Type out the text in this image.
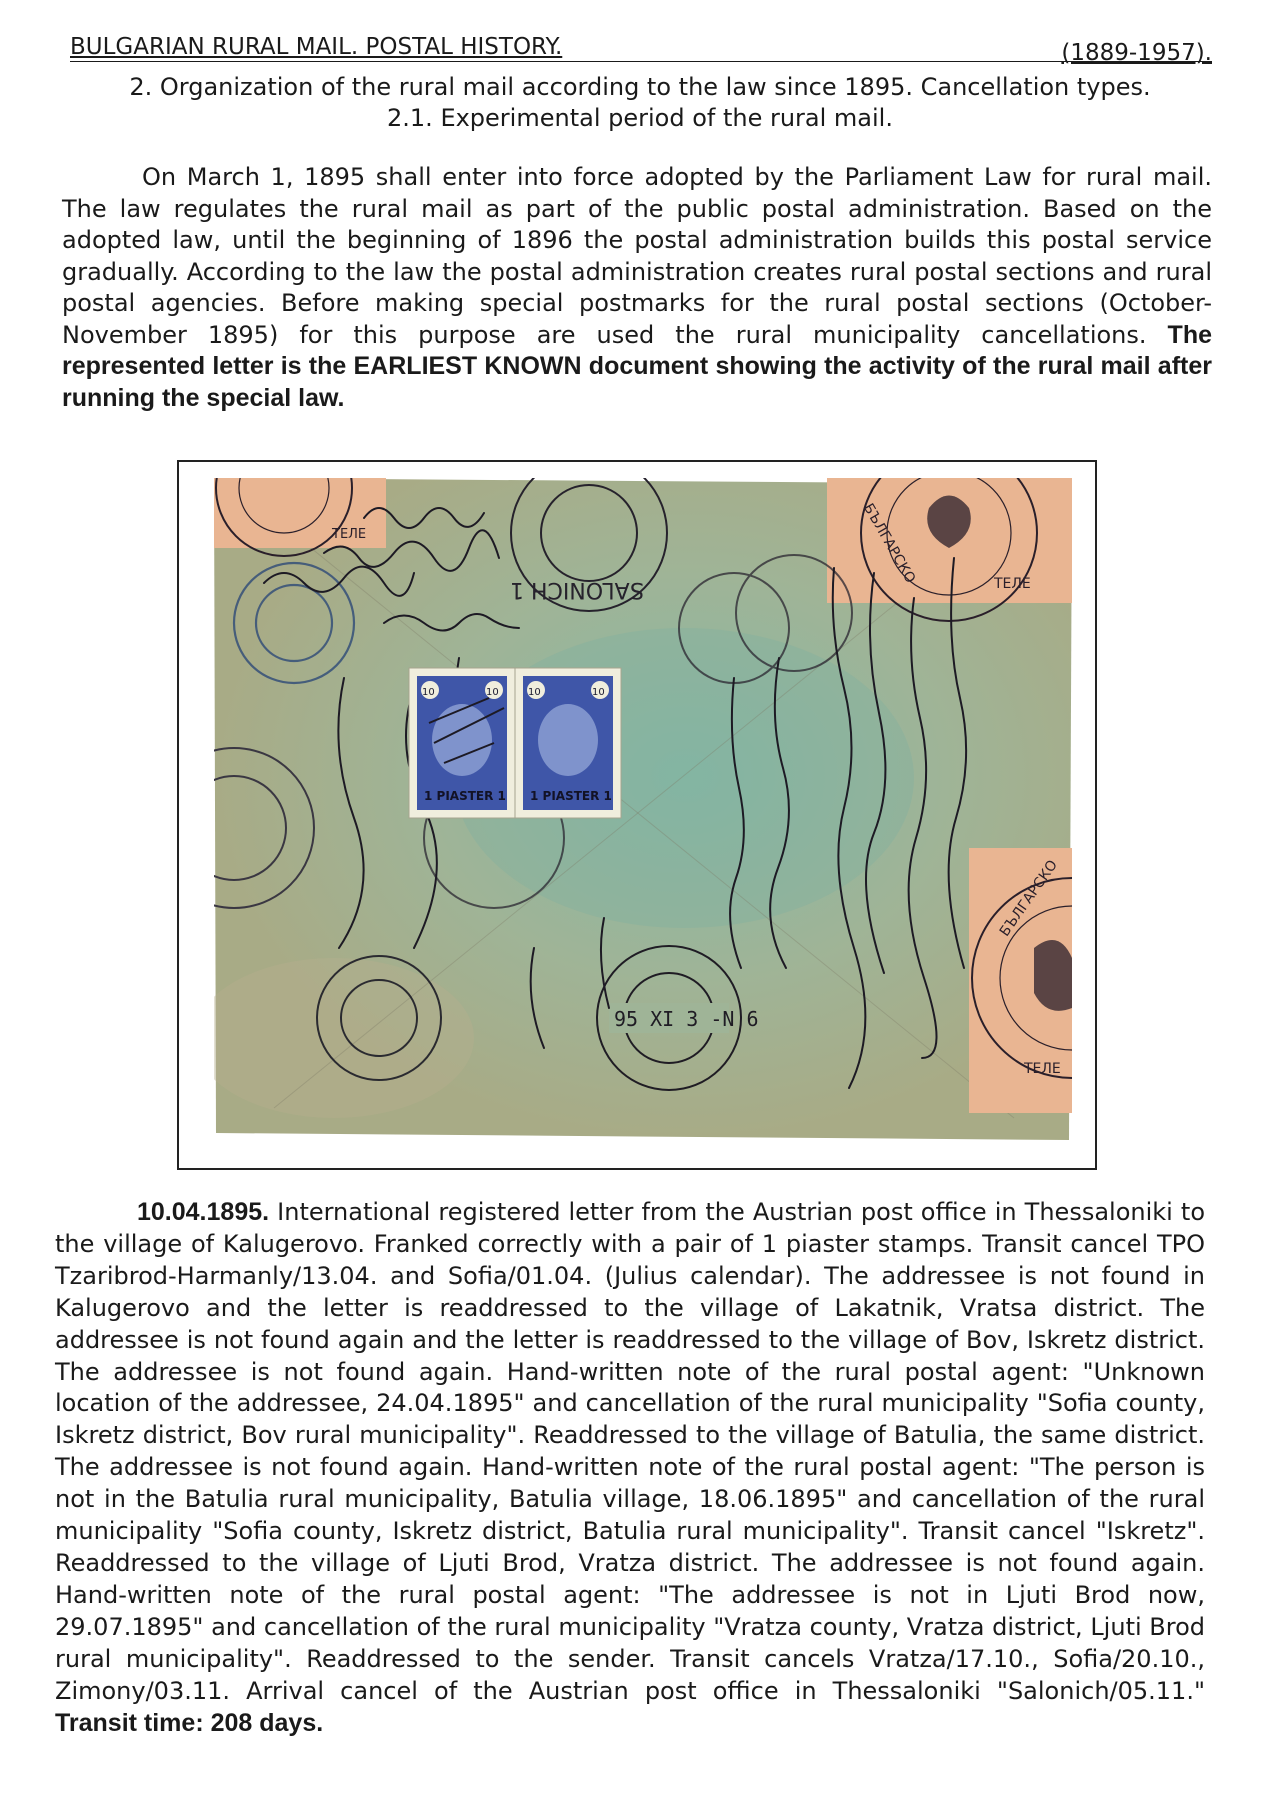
BULGARIAN RURAL MAIL. POSTAL HISTORY.	(1889-1957).
2. Organization of the rural mail according to the law since 1895. Cancellation types.
2.1. Experimental period of the rural mail.

On March 1, 1895 shall enter into force adopted by the Parliament Law for rural mail. The law regulates the rural mail as part of the public postal administration. Based on the adopted law, until the beginning of 1896 the postal administration builds this postal service gradually. According to the law the postal administration creates rural postal sections and rural postal agencies. Before making special postmarks for the rural postal sections (October-November 1895) for this purpose are used the rural municipality cancellations. The represented letter is the EARLIEST KNOWN document showing the activity of the rural mail after running the special law.

ТЕЛЕ	БЪЛГАРСКО	ТЕЛЕ
БЪЛГАРСКО
ТЕЛЕ
SALONICH 1
95 XI 3 -N 6
10	10	10	10
1 PIASTER 1 1 PIASTER 1

10.04.1895. International registered letter from the Austrian post office in Thessaloniki to the village of Kalugerovo. Franked correctly with a pair of 1 piaster stamps. Transit cancel TPO Tzaribrod-Harmanly/13.04. and Sofia/01.04. (Julius calendar). The addressee is not found in Kalugerovo and the letter is readdressed to the village of Lakatnik, Vratsa district. The addressee is not found again and the letter is readdressed to the village of Bov, Iskretz district. The addressee is not found again. Hand-written note of the rural postal agent: "Unknown location of the addressee, 24.04.1895" and cancellation of the rural municipality "Sofia county, Iskretz district, Bov rural municipality". Readdressed to the village of Batulia, the same district. The addressee is not found again. Hand-written note of the rural postal agent: "The person is not in the Batulia rural municipality, Batulia village, 18.06.1895" and cancellation of the rural municipality "Sofia county, Iskretz district, Batulia rural municipality". Transit cancel "Iskretz". Readdressed to the village of Ljuti Brod, Vratza district. The addressee is not found again. Hand-written note of the rural postal agent: "The addressee is not in Ljuti Brod now, 29.07.1895" and cancellation of the rural municipality "Vratza county, Vratza district, Ljuti Brod rural municipality". Readdressed to the sender. Transit cancels Vratza/17.10., Sofia/20.10., Zimony/03.11. Arrival cancel of the Austrian post office in Thessaloniki "Salonich/05.11." Transit time: 208 days.
